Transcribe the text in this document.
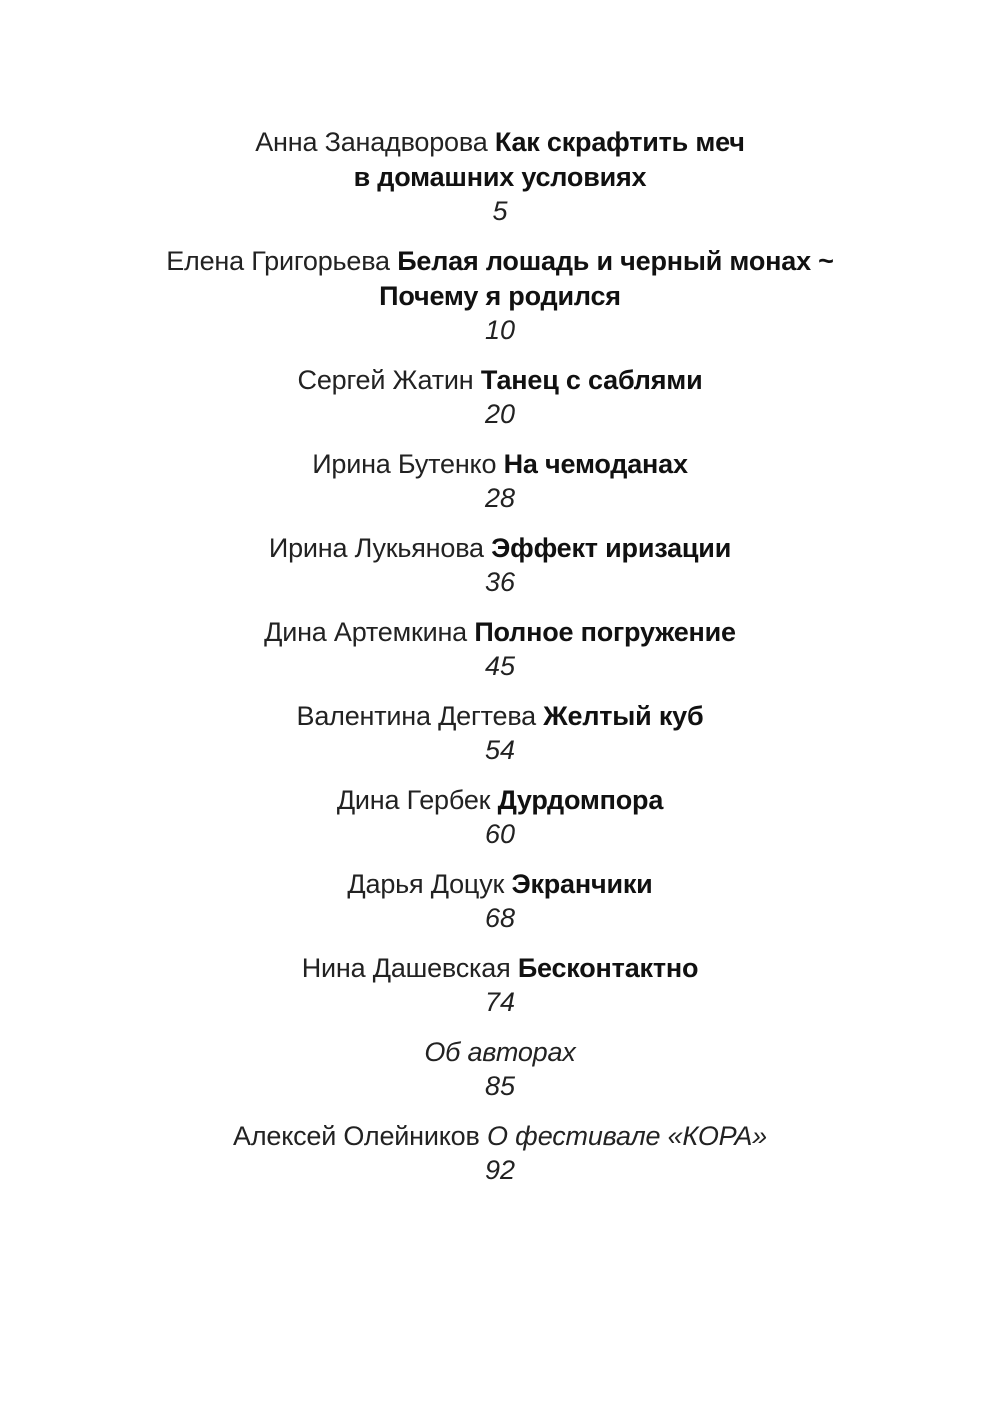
Анна Занадворова Как скрафтить меч
в домашних условиях
5
Елена Григорьева Белая лошадь и черный монах ~
Почему я родился
10
Сергей Жатин Танец с саблями
20
Ирина Бутенко На чемоданах
28
Ирина Лукьянова Эффект иризации
36
Дина Артемкина Полное погружение
45
Валентина Дегтева Желтый куб
54
Дина Гербек Дурдомпора
60
Дарья Доцук Экранчики
68
Нина Дашевская Бесконтактно
74
Об авторах
85
Алексей Олейников О фестивале «КОРА»
92
